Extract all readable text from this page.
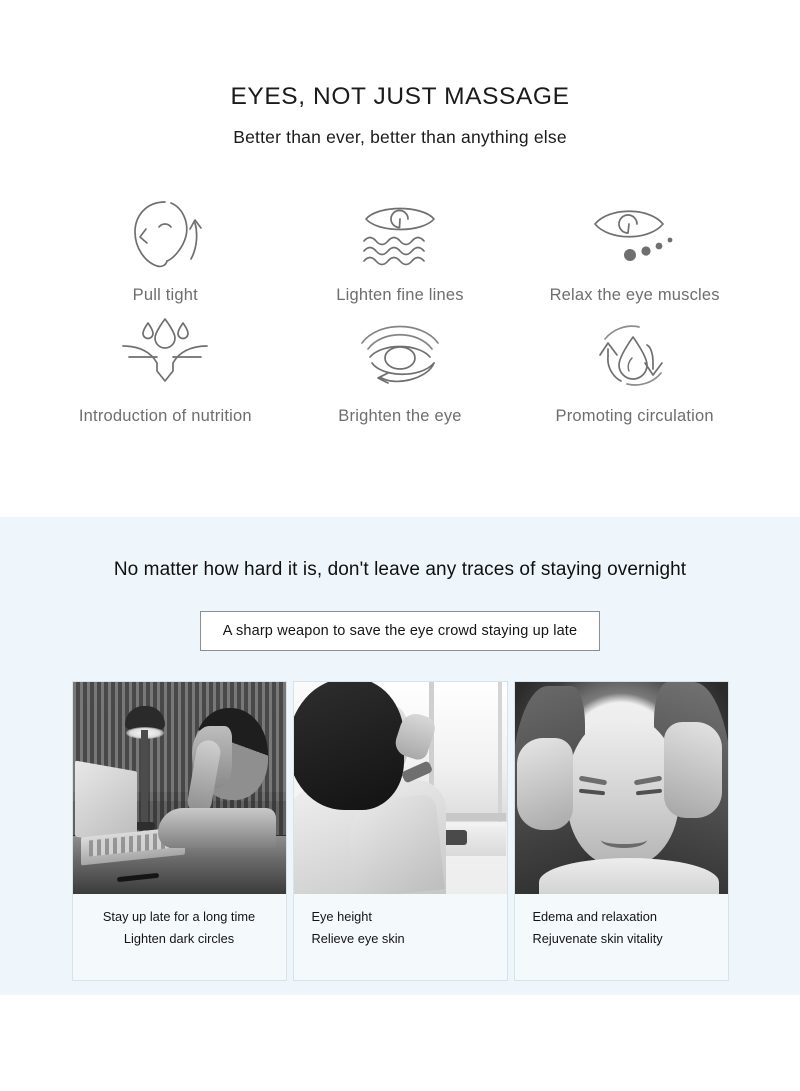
EYES, NOT JUST MASSAGE
Better than ever, better than anything else
Pull tight	Lighten fine lines	Relax the eye muscles
Introduction of nutrition	Brighten the eye	Promoting circulation
No matter how hard it is, don't leave any traces of staying overnight
A sharp weapon to save the eye crowd staying up late
Stay up late for a long time
Lighten dark circles
Eye height
Relieve eye skin
Edema and relaxation
Rejuvenate skin vitality
